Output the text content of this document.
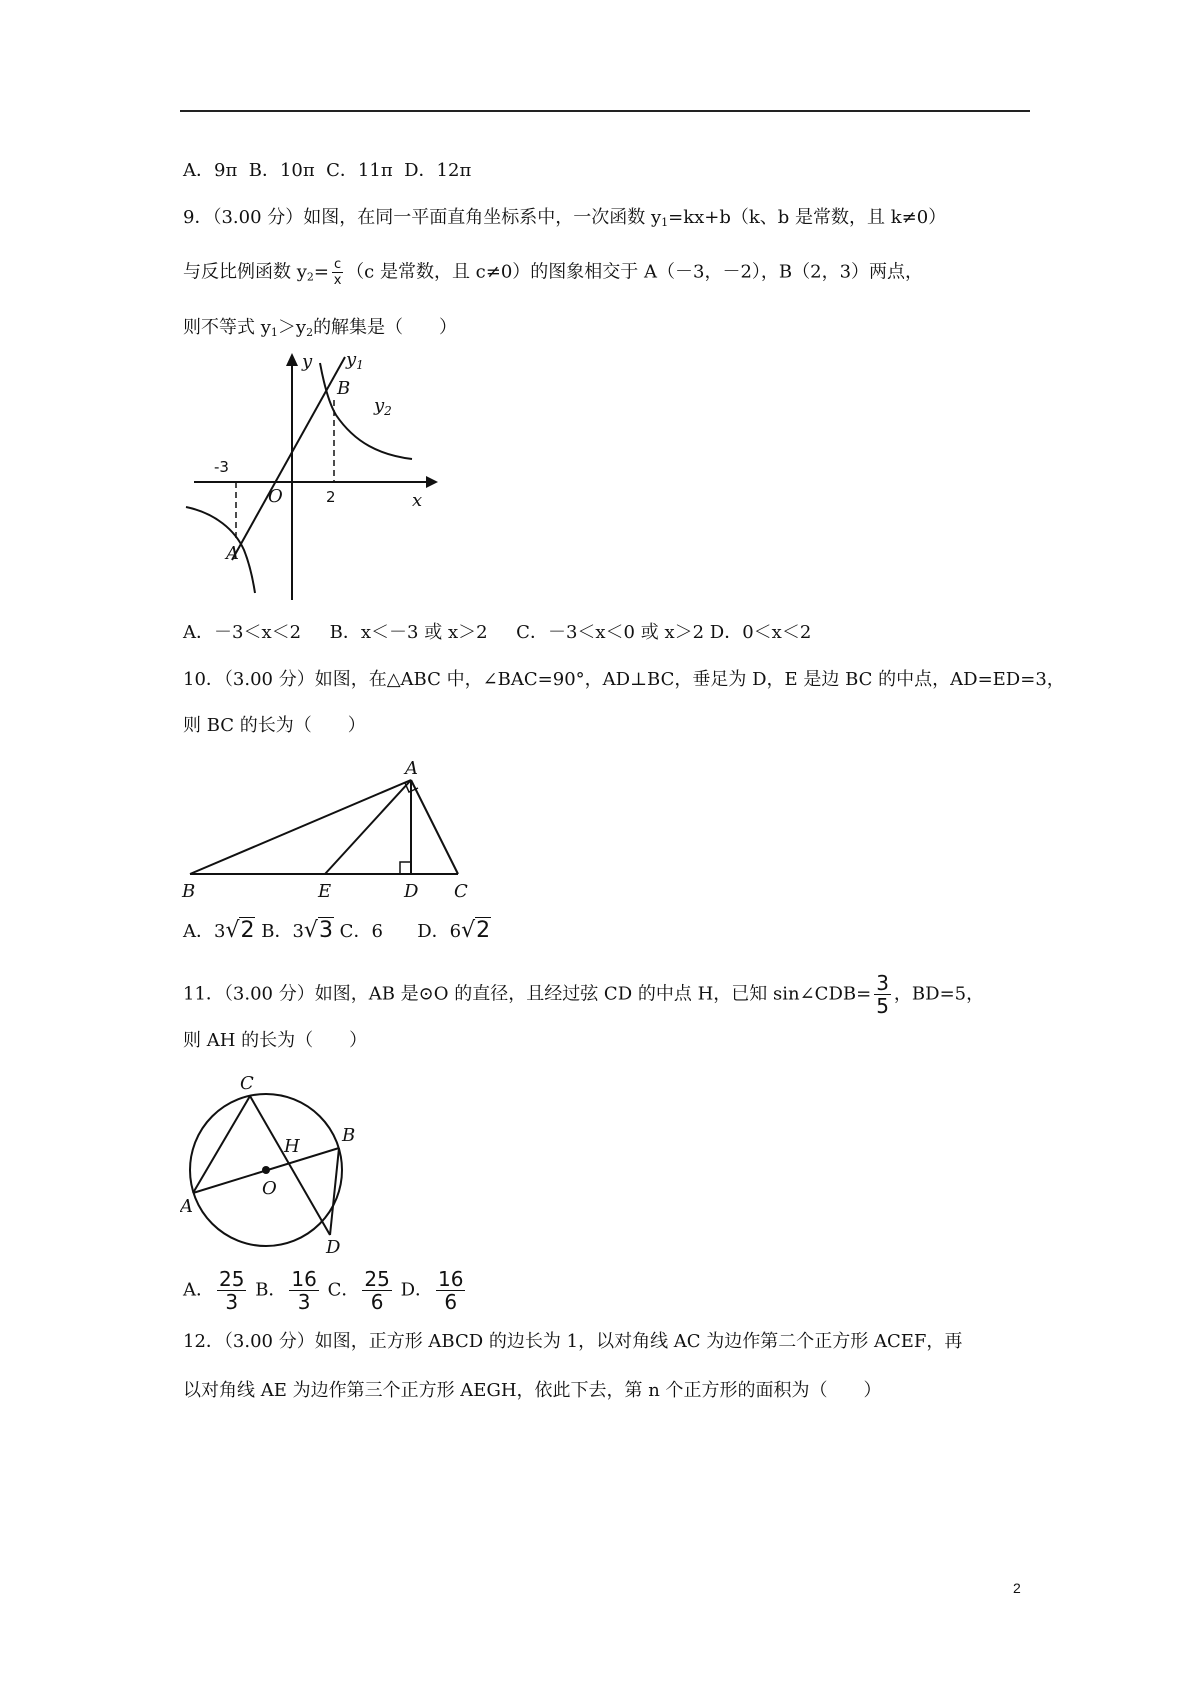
A．9π B．10π C．11π D．12π
9．（3.00 分）如图，在同一平面直角坐标系中，一次函数 $y_1=kx+b(k$、b 是常数，且 k≠0）
与反比例函数 $y_2= \frac{c}{x} (c$ 是常数，且 c≠0）的图象相交于 A（－3，－2），B（2，3）两点，
则不等式 $y_1>y_2$的解集是（　　）
y $y_1$
$y_2$
B
-3
O	2	x
A
A．－3＜x＜2 B．x＜－3 或 x＞2 C．－3＜x＜0 或 x＞2 D．0＜x＜2
10．（3.00 分）如图，在△ABC 中，∠BAC=90°，AD⊥BC，垂足为 D，E 是边 BC 的中点，AD=ED=3，
则 BC 的长为（　　）
A
B	E	D C
A．3√2 B．3√3 C．6 D．6√2
11．（3.00 分）如图，AB 是⊙O 的直径，且经过弦 CD 的中点 H，已知 sin∠CDB= $\frac{3}{5}$ ，BD=5，
则 AH 的长为（　　）
C
B
H
O
A
D
A． $\frac{25}{3}$ B． $\frac{16}{3}$ C． $\frac{25}{6}$ D． $\frac{16}{6}$
12．（3.00 分）如图，正方形 ABCD 的边长为 1，以对角线 AC 为边作第二个正方形 ACEF，再
以对角线 AE 为边作第三个正方形 AEGH，依此下去，第 n 个正方形的面积为（　　）
2
